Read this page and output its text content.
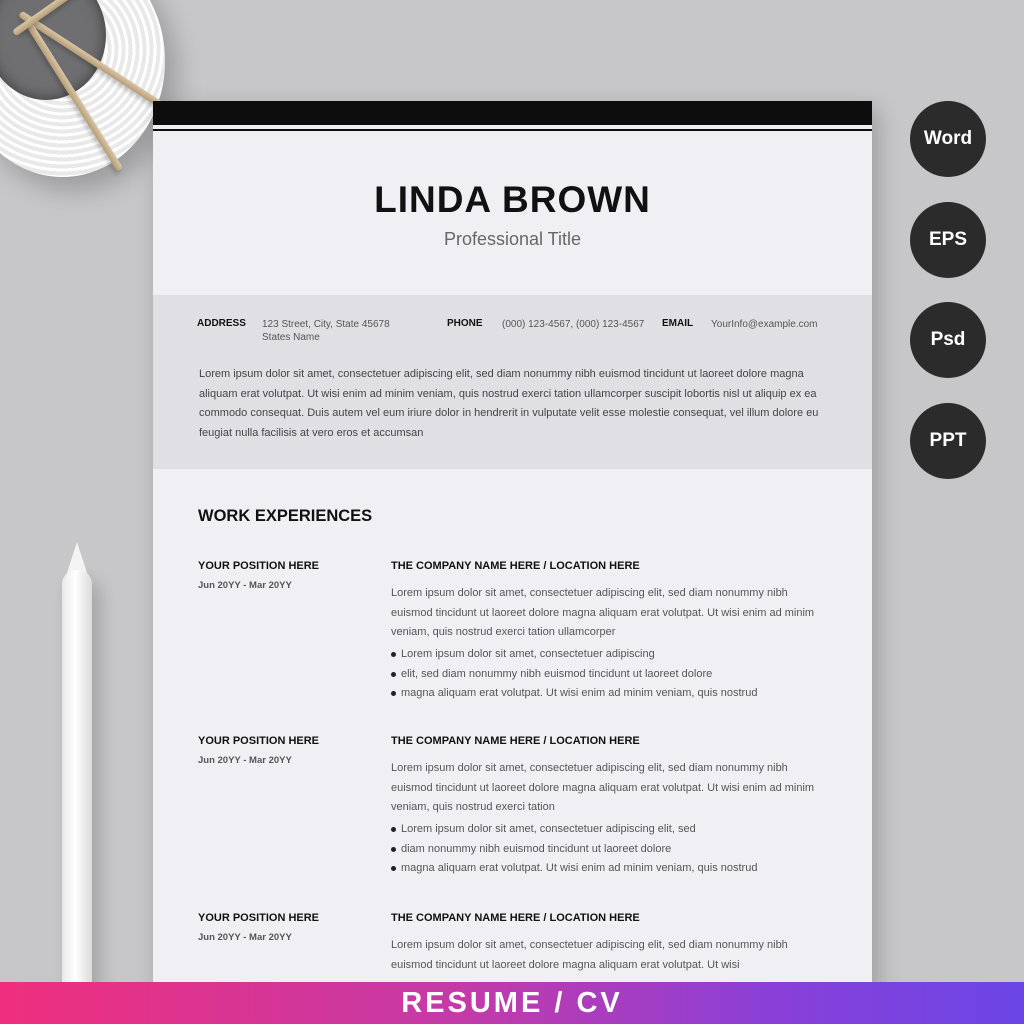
LINDA BROWN
Professional Title
ADDRESS 123 Street, City, State 45678
States Name
PHONE (000) 123-4567, (000) 123-4567 EMAIL YourInfo@example.com
Lorem ipsum dolor sit amet, consectetuer adipiscing elit, sed diam nonummy nibh euismod tincidunt ut laoreet dolore magna aliquam erat volutpat. Ut wisi enim ad minim veniam, quis nostrud exerci tation ullamcorper suscipit lobortis nisl ut aliquip ex ea commodo consequat. Duis autem vel eum iriure dolor in hendrerit in vulputate velit esse molestie consequat, vel illum dolore eu feugiat nulla facilisis at vero eros et accumsan
WORK EXPERIENCES
YOUR POSITION HERE
Jun 20YY - Mar 20YY
THE COMPANY NAME HERE / LOCATION HERE
Lorem ipsum dolor sit amet, consectetuer adipiscing elit, sed diam nonummy nibh euismod tincidunt ut laoreet dolore magna aliquam erat volutpat. Ut wisi enim ad minim veniam, quis nostrud exerci tation ullamcorper
Lorem ipsum dolor sit amet, consectetuer adipiscing
elit, sed diam nonummy nibh euismod tincidunt ut laoreet dolore
magna aliquam erat volutpat. Ut wisi enim ad minim veniam, quis nostrud
YOUR POSITION HERE
Jun 20YY - Mar 20YY
THE COMPANY NAME HERE / LOCATION HERE
Lorem ipsum dolor sit amet, consectetuer adipiscing elit, sed diam nonummy nibh euismod tincidunt ut laoreet dolore magna aliquam erat volutpat. Ut wisi enim ad minim veniam, quis nostrud exerci tation
Lorem ipsum dolor sit amet, consectetuer adipiscing elit, sed
diam nonummy nibh euismod tincidunt ut laoreet dolore
magna aliquam erat volutpat. Ut wisi enim ad minim veniam, quis nostrud
YOUR POSITION HERE
Jun 20YY - Mar 20YY
THE COMPANY NAME HERE / LOCATION HERE
Lorem ipsum dolor sit amet, consectetuer adipiscing elit, sed diam nonummy nibh euismod tincidunt ut laoreet dolore magna aliquam erat volutpat. Ut wisi
Word
EPS
Psd
PPT
RESUME / CV
